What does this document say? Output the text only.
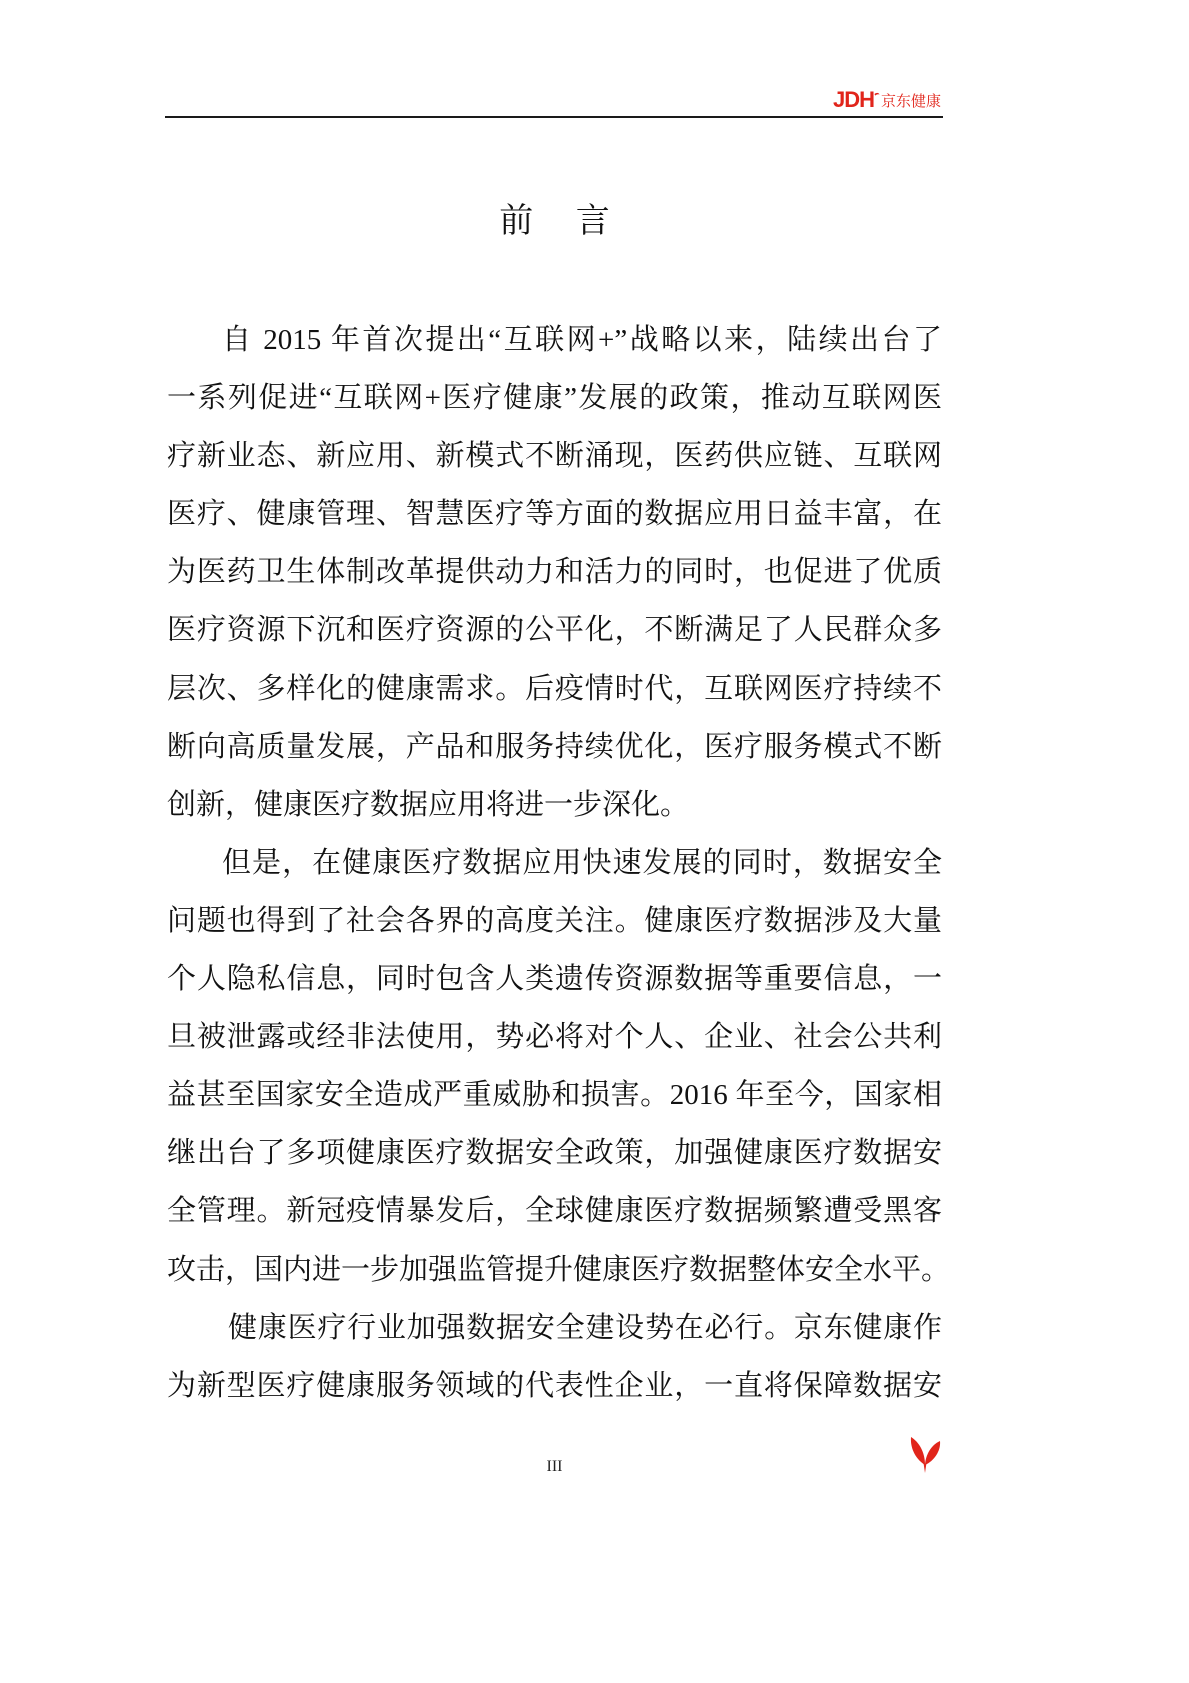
JDH 京东健康
前 言
自 2015 年首次提出“互联网+”战略以来，陆续出台了
一系列促进“互联网+医疗健康”发展的政策，推动互联网医
疗新业态、新应用、新模式不断涌现，医药供应链、互联网
医疗、健康管理、智慧医疗等方面的数据应用日益丰富，在
为医药卫生体制改革提供动力和活力的同时，也促进了优质
医疗资源下沉和医疗资源的公平化，不断满足了人民群众多
层次、多样化的健康需求。后疫情时代，互联网医疗持续不
断向高质量发展，产品和服务持续优化，医疗服务模式不断
创新，健康医疗数据应用将进一步深化。
但是，在健康医疗数据应用快速发展的同时，数据安全
问题也得到了社会各界的高度关注。健康医疗数据涉及大量
个人隐私信息，同时包含人类遗传资源数据等重要信息，一
旦被泄露或经非法使用，势必将对个人、企业、社会公共利
益甚至国家安全造成严重威胁和损害。2016 年至今，国家相
继出台了多项健康医疗数据安全政策，加强健康医疗数据安
全管理。新冠疫情暴发后，全球健康医疗数据频繁遭受黑客
攻击，国内进一步加强监管提升健康医疗数据整体安全水平。
健康医疗行业加强数据安全建设势在必行。京东健康作
为新型医疗健康服务领域的代表性企业，一直将保障数据安
III
